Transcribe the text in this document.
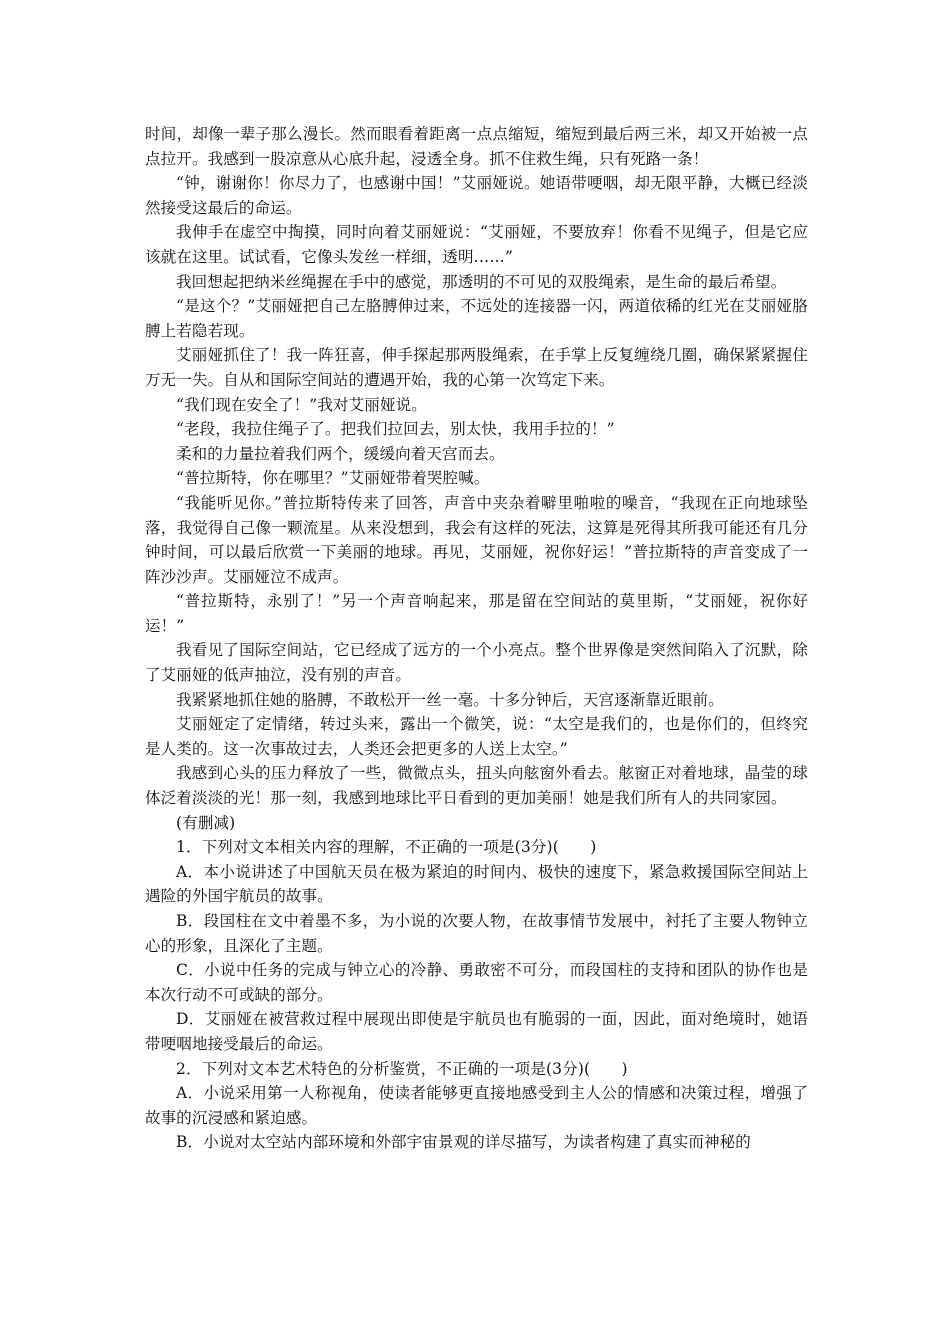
时间，却像一辈子那么漫长。然而眼看着距离一点点缩短，缩短到最后两三米，却又开始被一点点拉开。我感到一股凉意从心底升起，浸透全身。抓不住救生绳，只有死路一条！

“钟，谢谢你！你尽力了，也感谢中国！”艾丽娅说。她语带哽咽，却无限平静，大概已经淡然接受这最后的命运。

我伸手在虚空中掏摸，同时向着艾丽娅说：“艾丽娅，不要放弃！你看不见绳子，但是它应该就在这里。试试看，它像头发丝一样细，透明……”

我回想起把纳米丝绳握在手中的感觉，那透明的不可见的双股绳索，是生命的最后希望。

“是这个？”艾丽娅把自己左胳膊伸过来，不远处的连接器一闪，两道依稀的红光在艾丽娅胳膊上若隐若现。

艾丽娅抓住了！我一阵狂喜，伸手探起那两股绳索，在手掌上反复缠绕几圈，确保紧紧握住万无一失。自从和国际空间站的遭遇开始，我的心第一次笃定下来。

“我们现在安全了！”我对艾丽娅说。

“老段，我拉住绳子了。把我们拉回去，别太快，我用手拉的！”

柔和的力量拉着我们两个，缓缓向着天宫而去。

“普拉斯特，你在哪里？”艾丽娅带着哭腔喊。

“我能听见你。”普拉斯特传来了回答，声音中夹杂着噼里啪啦的噪音，“我现在正向地球坠落，我觉得自己像一颗流星。从来没想到，我会有这样的死法，这算是死得其所我可能还有几分钟时间，可以最后欣赏一下美丽的地球。再见，艾丽娅，祝你好运！”普拉斯特的声音变成了一阵沙沙声。艾丽娅泣不成声。

“普拉斯特，永别了！”另一个声音响起来，那是留在空间站的莫里斯，“艾丽娅，祝你好运！”

我看见了国际空间站，它已经成了远方的一个小亮点。整个世界像是突然间陷入了沉默，除了艾丽娅的低声抽泣，没有别的声音。

我紧紧地抓住她的胳膊，不敢松开一丝一毫。十多分钟后，天宫逐渐靠近眼前。

艾丽娅定了定情绪，转过头来，露出一个微笑，说：“太空是我们的，也是你们的，但终究是人类的。这一次事故过去，人类还会把更多的人送上太空。”

我感到心头的压力释放了一些，微微点头，扭头向舷窗外看去。舷窗正对着地球，晶莹的球体泛着淡淡的光！那一刻，我感到地球比平日看到的更加美丽！她是我们所有人的共同家园。

(有删减)

1．下列对文本相关内容的理解，不正确的一项是(3分)(　　)

A．本小说讲述了中国航天员在极为紧迫的时间内、极快的速度下，紧急救援国际空间站上遇险的外国宇航员的故事。

B．段国柱在文中着墨不多，为小说的次要人物，在故事情节发展中，衬托了主要人物钟立心的形象，且深化了主题。

C．小说中任务的完成与钟立心的冷静、勇敢密不可分，而段国柱的支持和团队的协作也是本次行动不可或缺的部分。

D．艾丽娅在被营救过程中展现出即使是宇航员也有脆弱的一面，因此，面对绝境时，她语带哽咽地接受最后的命运。

2．下列对文本艺术特色的分析鉴赏，不正确的一项是(3分)(　　)

A．小说采用第一人称视角，使读者能够更直接地感受到主人公的情感和决策过程，增强了故事的沉浸感和紧迫感。

B．小说对太空站内部环境和外部宇宙景观的详尽描写，为读者构建了真实而神秘的
